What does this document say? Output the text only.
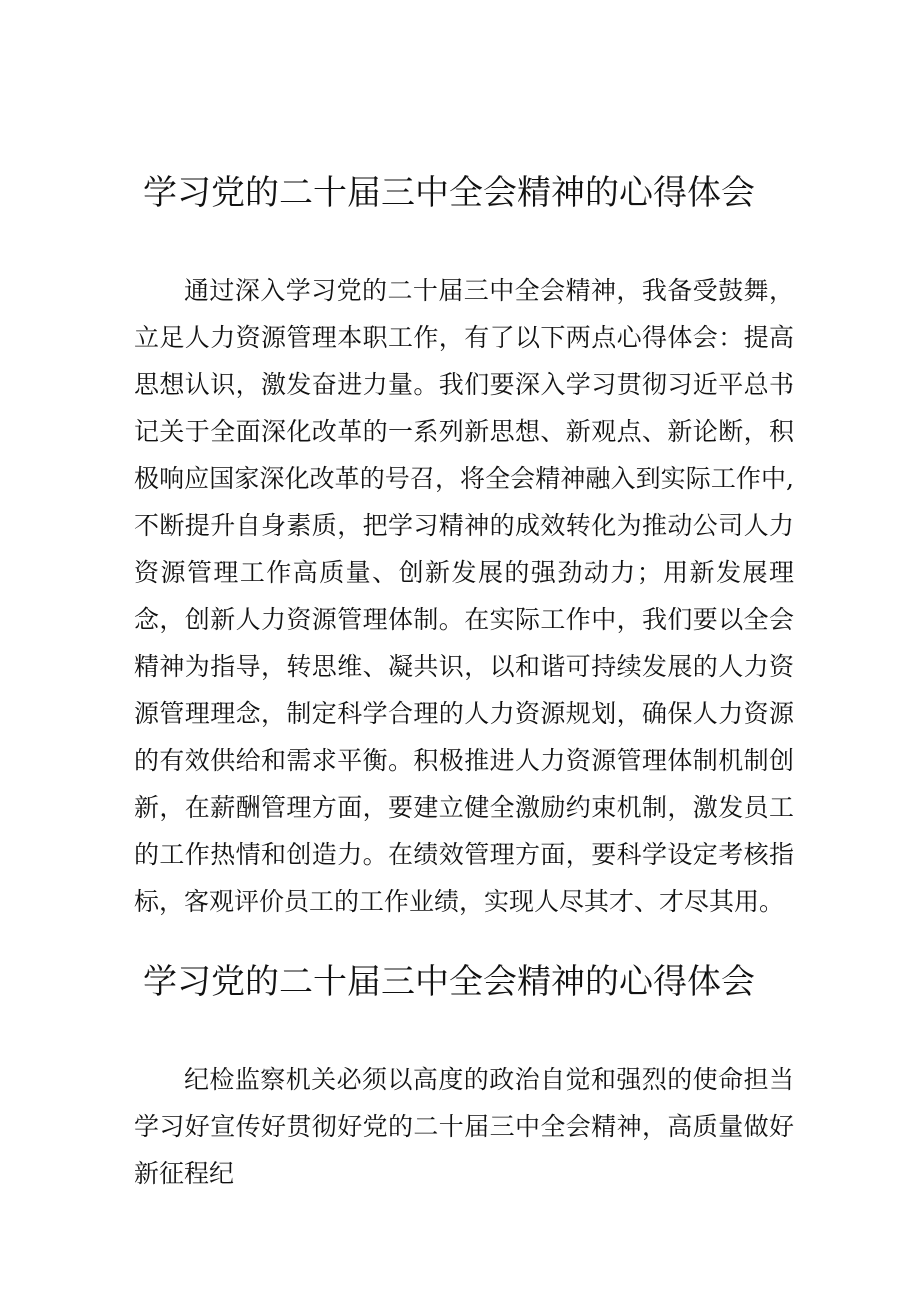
学习党的二十届三中全会精神的心得体会

通过深入学习党的二十届三中全会精神，我备受鼓舞，立足人力资源管理本职工作，有了以下两点心得体会：提高思想认识，激发奋进力量。我们要深入学习贯彻习近平总书记关于全面深化改革的一系列新思想、新观点、新论断，积极响应国家深化改革的号召，将全会精神融入到实际工作中,不断提升自身素质，把学习精神的成效转化为推动公司人力资源管理工作高质量、创新发展的强劲动力；用新发展理念，创新人力资源管理体制。在实际工作中，我们要以全会精神为指导，转思维、凝共识，以和谐可持续发展的人力资源管理理念，制定科学合理的人力资源规划，确保人力资源的有效供给和需求平衡。积极推进人力资源管理体制机制创新，在薪酬管理方面，要建立健全激励约束机制，激发员工的工作热情和创造力。在绩效管理方面，要科学设定考核指标，客观评价员工的工作业绩，实现人尽其才、才尽其用。

学习党的二十届三中全会精神的心得体会

纪检监察机关必须以高度的政治自觉和强烈的使命担当学习好宣传好贯彻好党的二十届三中全会精神，高质量做好新征程纪
